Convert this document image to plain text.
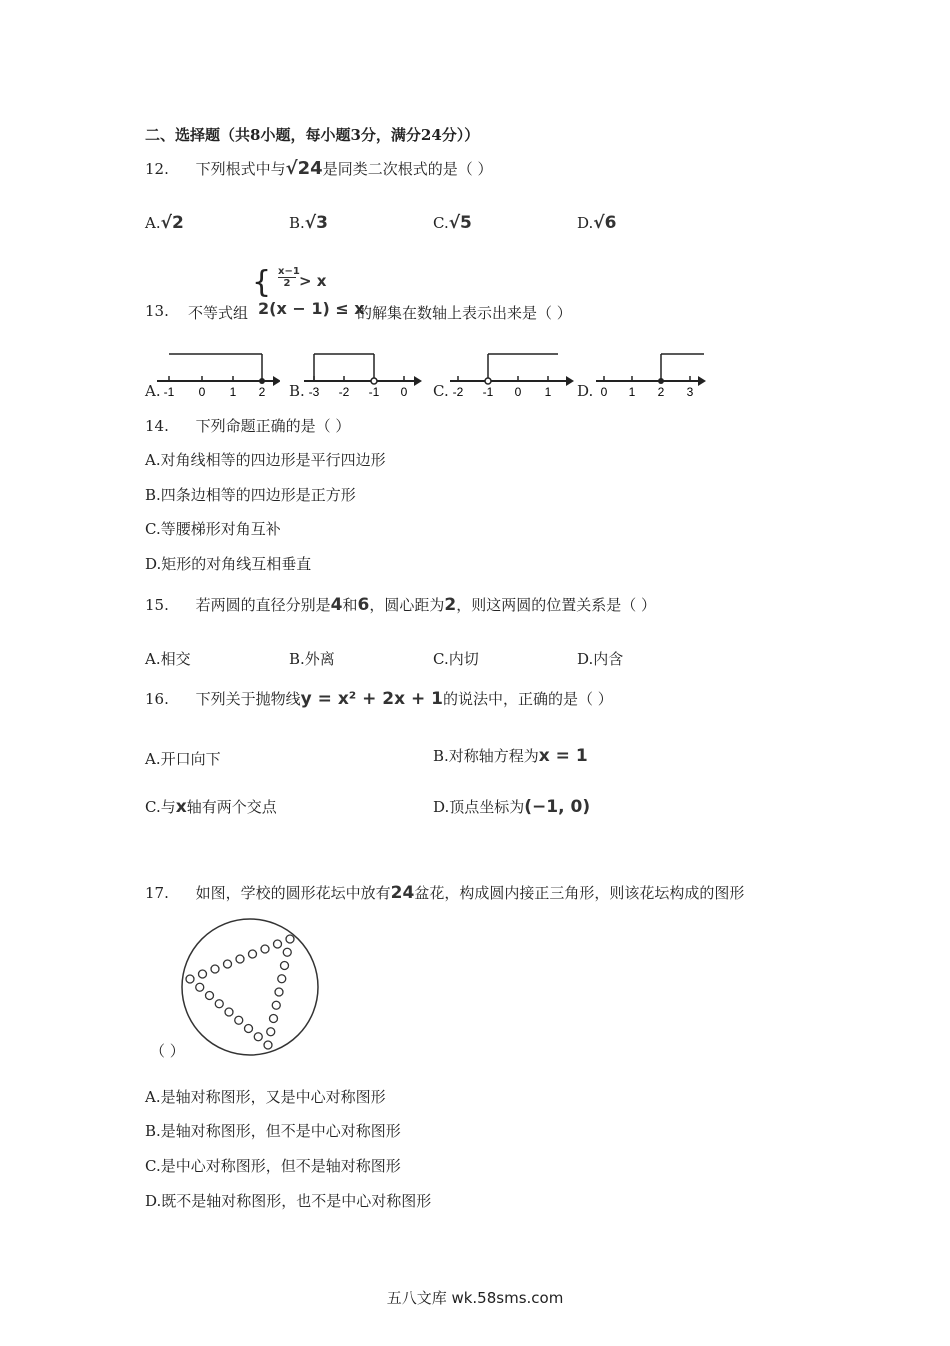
二、选择题（共8小题，每小题3分，满分24分））
12. 下列根式中与√24是同类二次根式的是（ ）
A.√2	B.√3	C.√5	D.√6
13. 不等式组
{ $\frac{x-1}{2} > x$
2(x − 1) ≤ x
的解集在数轴上表示出来是（ ）
A.	B.	C.	D.
-1 0 1 2	-3 -2 -1 0	-2 -1 0 1	0 1 2 3
14. 下列命题正确的是（ ）
A.对角线相等的四边形是平行四边形
B.四条边相等的四边形是正方形
C.等腰梯形对角互补
D.矩形的对角线互相垂直
15. 若两圆的直径分别是4和6，圆心距为2，则这两圆的位置关系是（ ）
A.相交	B.外离	C.内切	D.内含
16. 下列关于抛物线y = x² + 2x + 1的说法中，正确的是（ ）
A.开口向下	B.对称轴方程为x = 1
C.与x轴有两个交点	D.顶点坐标为(−1, 0)
17. 如图，学校的圆形花坛中放有24盆花，构成圆内接正三角形，则该花坛构成的图形
（ ）
A.是轴对称图形，又是中心对称图形
B.是轴对称图形，但不是中心对称图形
C.是中心对称图形，但不是轴对称图形
D.既不是轴对称图形，也不是中心对称图形
五八文库 wk.58sms.com
